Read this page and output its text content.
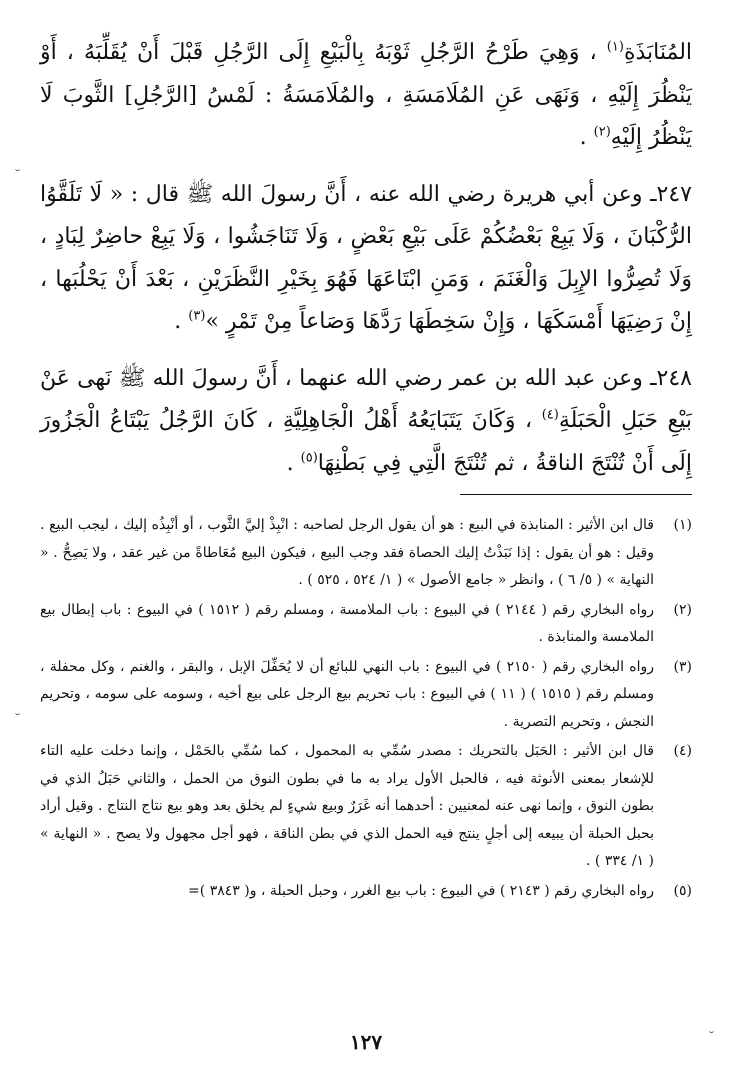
المُنَابَذَةِ$^{(١)}$ ، وَهِيَ طَرْحُ الرَّجُلِ ثَوْبَهُ بِالْبَيْعِ إِلَى الرَّجُلِ قَبْلَ أَنْ يُقَلِّبَهُ ، أَوْ يَنْظُرَ إِلَيْهِ ، وَنَهَى عَنِ المُلَامَسَةِ ، والمُلَامَسَةُ : لَمْسُ [الرَّجُلِ] الثَّوبَ لَا يَنْظُرُ إِلَيْهِ$^{(٢)}$ .

٢٤٧ـ وعن أبي هريرة رضي الله عنه ، أَنَّ رسولَ الله ﷺ قال : « لَا تَلَقَّوُا الرُّكْبَانَ ، وَلَا يَبِعْ بَعْضُكُمْ عَلَى بَيْعِ بَعْضٍ ، وَلَا تَنَاجَشُوا ، وَلَا يَبِعْ حاضِرٌ لِبَادٍ ، وَلَا تُصِرُّوا الإِبِلَ وَالْغَنَمَ ، وَمَنِ ابْتَاعَهَا فَهُوَ بِخَيْرِ النَّظَرَيْنِ ، بَعْدَ أَنْ يَحْلُبَها ، إِنْ رَضِيَهَا أَمْسَكَهَا ، وَإِنْ سَخِطَهَا رَدَّهَا وَصَاعاً مِنْ تَمْرٍ »$^{(٣)}$ .

٢٤٨ـ وعن عبد الله بن عمر رضي الله عنهما ، أَنَّ رسولَ الله ﷺ نَهى عَنْ بَيْعِ حَبَلِ الْحَبَلَةِ$^{(٤)}$ ، وَكَانَ يَتَبَايَعُهُ أَهْلُ الْجَاهِلِيَّةِ ، كَانَ الرَّجُلُ يَبْتَاعُ الْجَزُورَ إِلَى أَنْ تُنْتَجَ الناقةُ ، ثم تُنْتَجَ الَّتِي فِي بَطْنِهَا$^{(٥)}$ .

(١)
قال ابن الأثير : المنابذة في البيع : هو أن يقول الرجل لصاحبه : انْبِذْ إليَّ الثَّوب ، أو أنْبِذُه إليك ، ليجب البيع . وقيل : هو أن يقول : إذا نَبَذْتُ إليك الحصاة فقد وجب البيع ، فيكون البيع مُعَاطاةً من غير عقد ، ولا يَصِحُّ . « النهاية » ( ٥/ ٦ ) ، وانظر « جامع الأصول » ( ١/ ٥٢٤ ، ٥٢٥ ) .
(٢)
رواه البخاري رقم ( ٢١٤٤ ) في البيوع : باب الملامسة ، ومسلم رقم ( ١٥١٢ ) في البيوع : باب إبطال بيع الملامسة والمنابذة .
(٣)
رواه البخاري رقم ( ٢١٥٠ ) في البيوع : باب النهي للبائع أن لا يُحَفِّلَ الإبل ، والبقر ، والغنم ، وكل محفلة ، ومسلم رقم ( ١٥١٥ ) ( ١١ ) في البيوع : باب تحريم بيع الرجل على بيع أخيه ، وسومه على سومه ، وتحريم النجش ، وتحريم التصرية .
(٤)
قال ابن الأثير : الحَبَل بالتحريك : مصدر سُمِّي به المحمول ، كما سُمِّي بالحَمْل ، وإنما دخلت عليه التاء للإشعار بمعنى الأنوثة فيه ، فالحبل الأول يراد به ما في بطون النوق من الحمل ، والثاني حَبَلُ الذي في بطون النوق ، وإنما نهى عنه لمعنيين : أحدهما أنه غَرَرٌ وبيع شيءٍ لم يخلق بعد وهو بيع نتاج النتاج . وقيل أراد بحبل الحبلة أن يبيعه إلى أجلٍ ينتج فيه الحمل الذي في بطن الناقة ، فهو أجل مجهول ولا يصح . « النهاية » ( ١/ ٣٣٤ ) .
(٥)
رواه البخاري رقم ( ٢١٤٣ ) في البيوع : باب بيع الغرر ، وحبل الحبلة ، و( ٣٨٤٣ )=
١٢٧
˘
˘
˘
